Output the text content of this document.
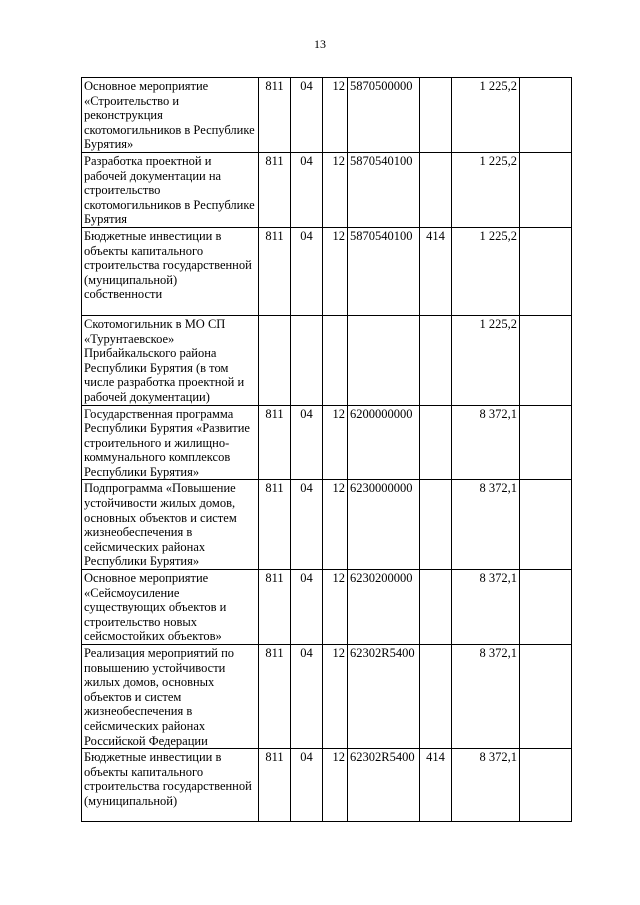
13
Основное мероприятие «Строительство и реконструкция скотомогильников в Республике Бурятия»	811	04	12	5870500000		1 225,2	
Разработка проектной и рабочей документации на строительство скотомогильников в Республике Бурятия	811	04	12	5870540100		1 225,2	
Бюджетные инвестиции в объекты капитального строительства государственной (муниципальной) собственности	811	04	12	5870540100	414	1 225,2	
Скотомогильник в МО СП «Турунтаевское» Прибайкальского района Республики Бурятия (в том числе разработка проектной и рабочей документации)						1 225,2	
Государственная программа Республики Бурятия «Развитие строительного и жилищно-коммунального комплексов Республики Бурятия»	811	04	12	6200000000		8 372,1	
Подпрограмма «Повышение устойчивости жилых домов, основных объектов и систем жизнеобеспечения в сейсмических районах Республики Бурятия»	811	04	12	6230000000		8 372,1	
Основное мероприятие «Сейсмоусиление существующих объектов и строительство новых сейсмостойких объектов»	811	04	12	6230200000		8 372,1	
Реализация мероприятий по повышению устойчивости жилых домов, основных объектов и систем жизнеобеспечения в сейсмических районах Российской Федерации	811	04	12	62302R5400		8 372,1	
Бюджетные инвестиции в объекты капитального строительства государственной (муниципальной)	811	04	12	62302R5400	414	8 372,1	
